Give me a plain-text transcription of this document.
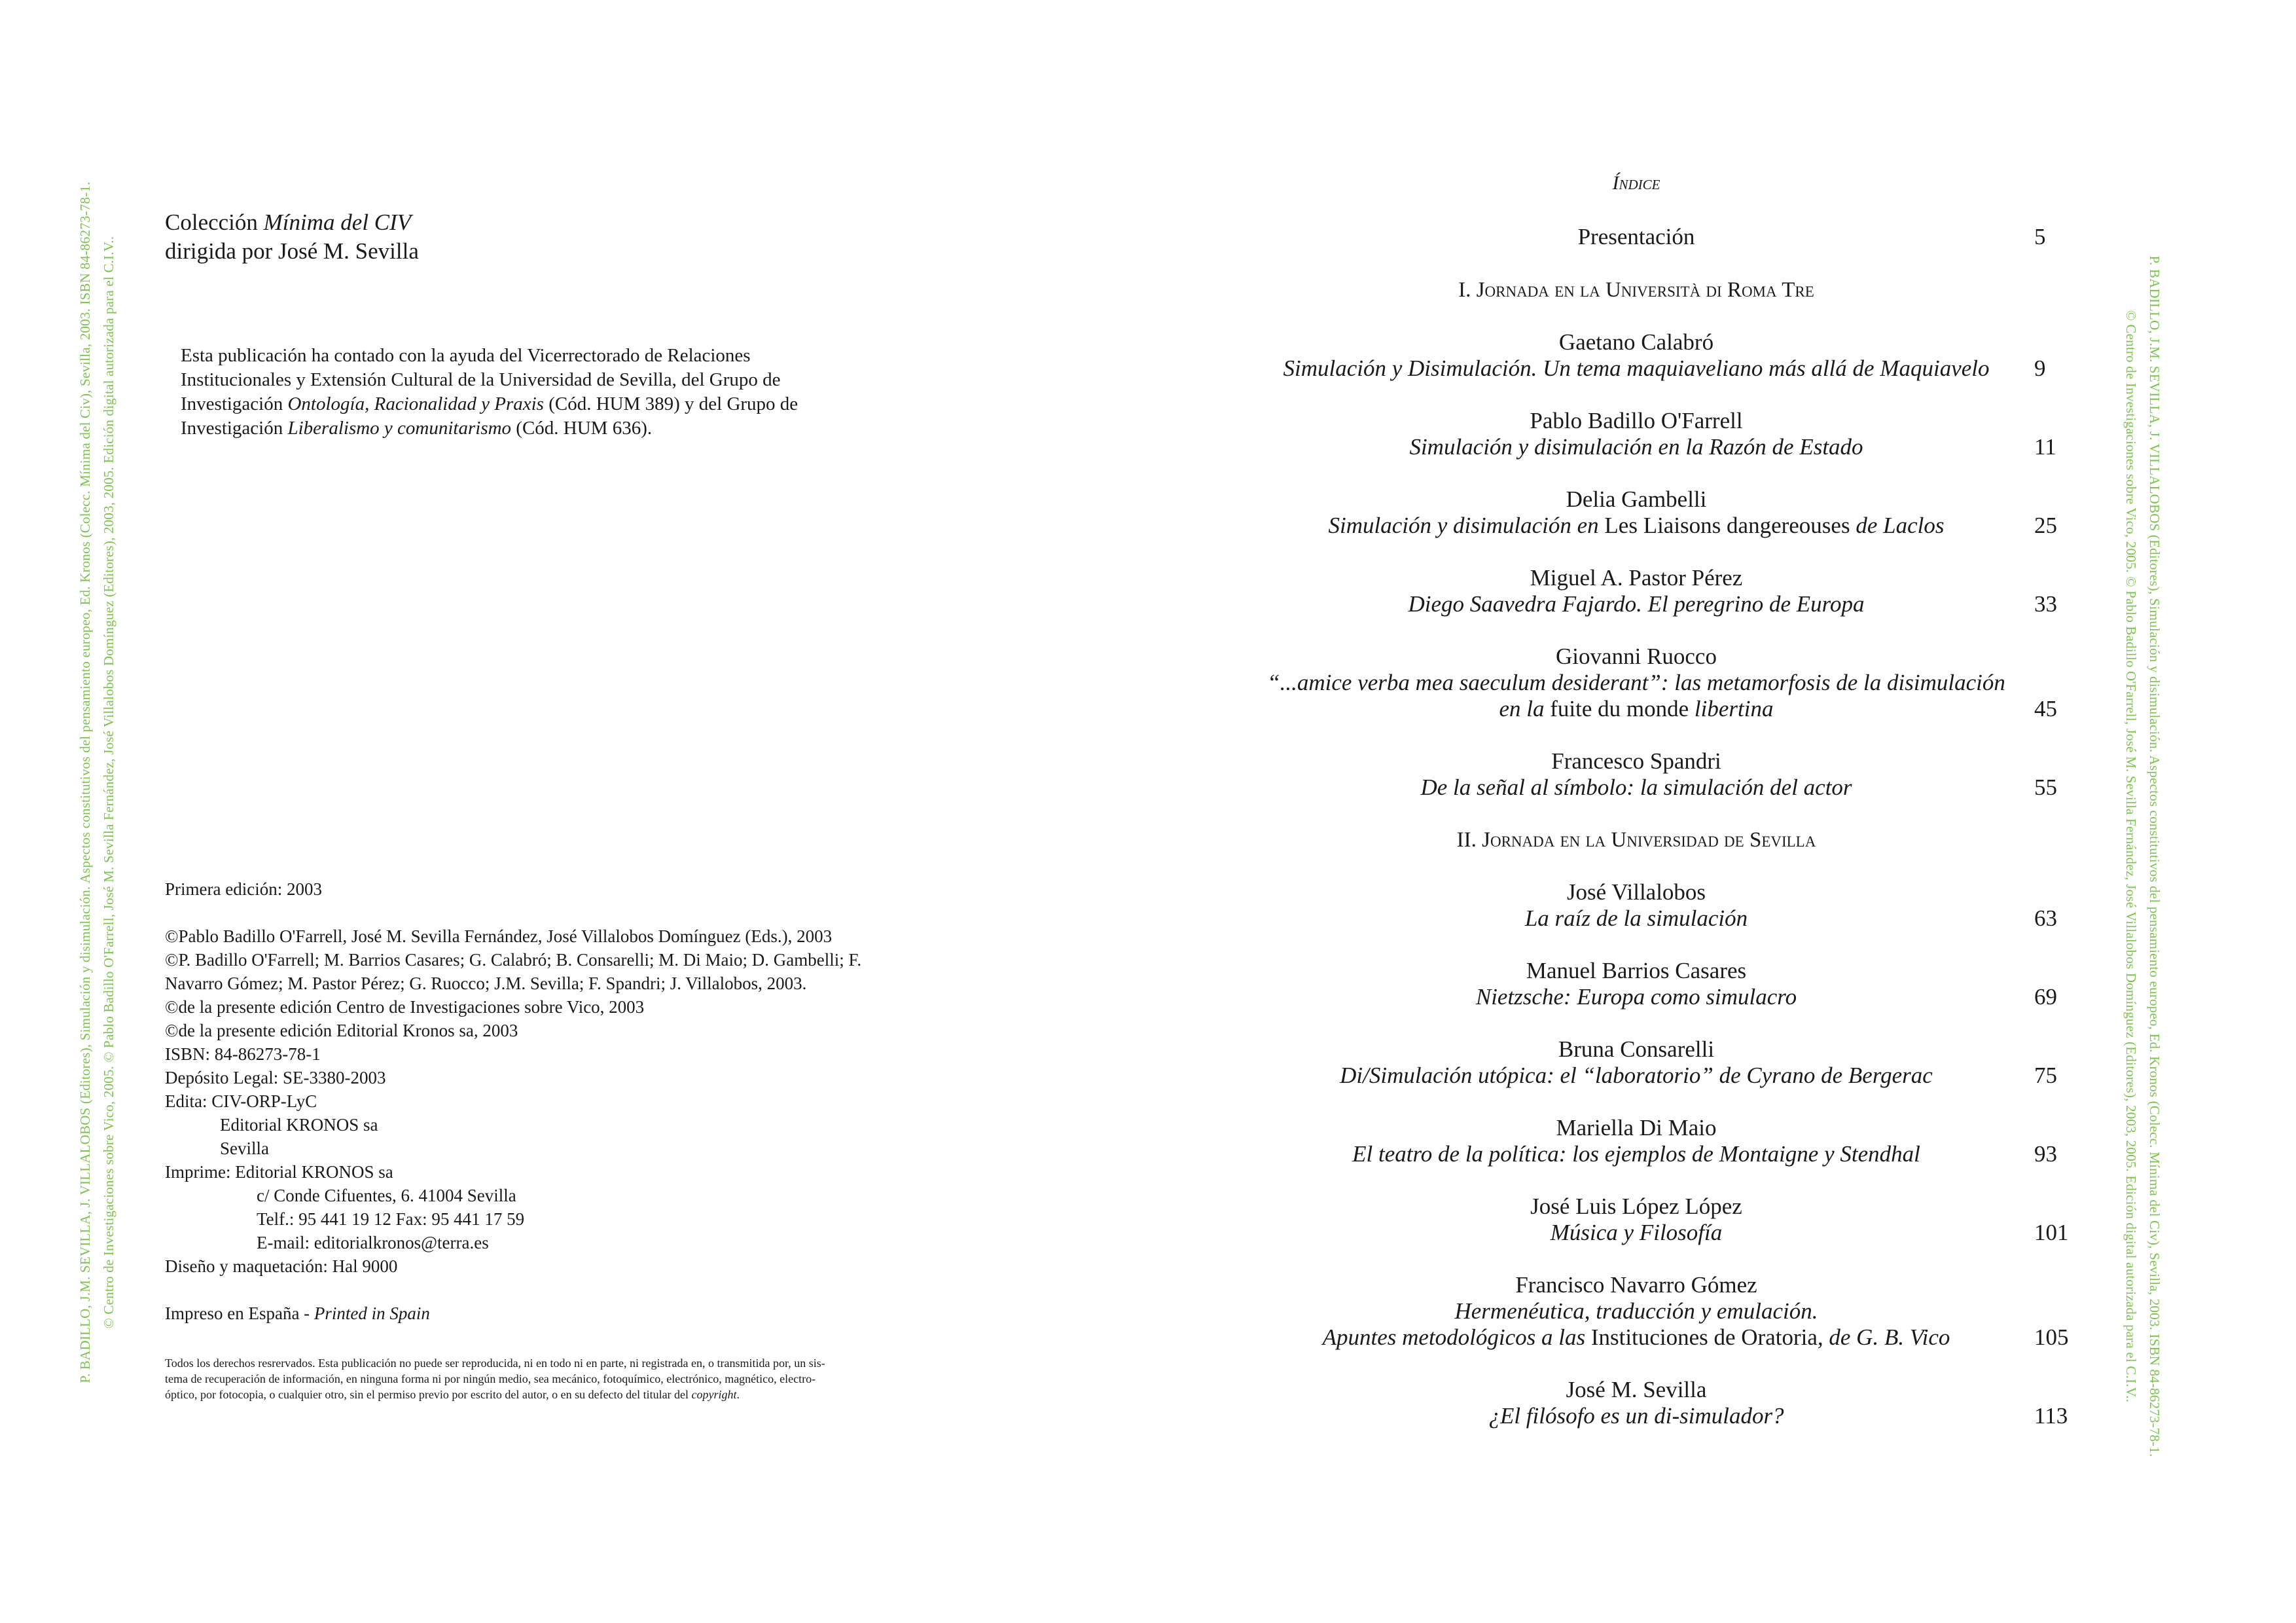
P. BADILLO, J.M. SEVILLA, J. VILLALOBOS (Editores), Simulación y disimulación. Aspectos constitutivos del pensamiento europeo, Ed. Kronos (Colecc. Mínima del Civ), Sevilla, 2003. ISBN 84-86273-78-1. © Centro de Investigaciones sobre Vico, 2005. © Pablo Badillo O'Farrell, José M. Sevilla Fernández, José Villalobos Domínguez (Editores), 2003, 2005. Edición digital autorizada para el C.I.V..	P. BADILLO, J.M. SEVILLA, J. VILLALOBOS (Editores), Simulación y disimulación. Aspectos constitutivos del pensamiento europeo, Ed. Kronos (Colecc. Mínima del Civ), Sevilla, 2003. ISBN 84-86273-78-1.
© Centro de Investigaciones sobre Vico, 2005. © Pablo Badillo O'Farrell, José M. Sevilla Fernández, José Villalobos Domínguez (Editores), 2003, 2005. Edición digital autorizada para el C.I.V..
Colección Mínima del CIV
dirigida por José M. Sevilla
Esta publicación ha contado con la ayuda del Vicerrectorado de Relaciones Institucionales y Extensión Cultural de la Universidad de Sevilla, del Grupo de Investigación Ontología, Racionalidad y Praxis (Cód. HUM 389) y del Grupo de Investigación Liberalismo y comunitarismo (Cód. HUM 636).
Primera edición: 2003
©Pablo Badillo O'Farrell, José M. Sevilla Fernández, José Villalobos Domínguez (Eds.), 2003
©P. Badillo O'Farrell; M. Barrios Casares; G. Calabró; B. Consarelli; M. Di Maio; D. Gambelli; F.
Navarro Gómez; M. Pastor Pérez; G. Ruocco; J.M. Sevilla; F. Spandri; J. Villalobos, 2003.
©de la presente edición Centro de Investigaciones sobre Vico, 2003
©de la presente edición Editorial Kronos sa, 2003
ISBN: 84-86273-78-1
Depósito Legal: SE-3380-2003
Edita: CIV-ORP-LyC
Editorial KRONOS sa
Sevilla
Imprime: Editorial KRONOS sa
c/ Conde Cifuentes, 6. 41004 Sevilla
Telf.: 95 441 19 12 Fax: 95 441 17 59
E-mail: editorialkronos@terra.es
Diseño y maquetación: Hal 9000
Impreso en España - Printed in Spain
Todos los derechos resrervados. Esta publicación no puede ser reproducida, ni en todo ni en parte, ni registrada en, o transmitida por, un sis-
tema de recuperación de información, en ninguna forma ni por ningún medio, sea mecánico, fotoquímico, electrónico, magnético, electro-
óptico, por fotocopia, o cualquier otro, sin el permiso previo por escrito del autor, o en su defecto del titular del copyright.
Índice
Presentación	5
I. Jornada en la Università di Roma Tre
Gaetano Calabró
Simulación y Disimulación. Un tema maquiaveliano más allá de Maquiavelo	9
Pablo Badillo O'Farrell
Simulación y disimulación en la Razón de Estado	11
Delia Gambelli
Simulación y disimulación en Les Liaisons dangereouses de Laclos	25
Miguel A. Pastor Pérez
Diego Saavedra Fajardo. El peregrino de Europa	33
Giovanni Ruocco
“...amice verba mea saeculum desiderant”: las metamorfosis de la disimulación
en la fuite du monde libertina	45
Francesco Spandri
De la señal al símbolo: la simulación del actor	55
II. Jornada en la Universidad de Sevilla
José Villalobos
La raíz de la simulación	63
Manuel Barrios Casares
Nietzsche: Europa como simulacro	69
Bruna Consarelli
Di/Simulación utópica: el “laboratorio” de Cyrano de Bergerac	75
Mariella Di Maio
El teatro de la política: los ejemplos de Montaigne y Stendhal	93
José Luis López López
Música y Filosofía	101
Francisco Navarro Gómez
Hermenéutica, traducción y emulación.
Apuntes metodológicos a las Instituciones de Oratoria, de G. B. Vico	105
José M. Sevilla
¿El filósofo es un di-simulador?	113
